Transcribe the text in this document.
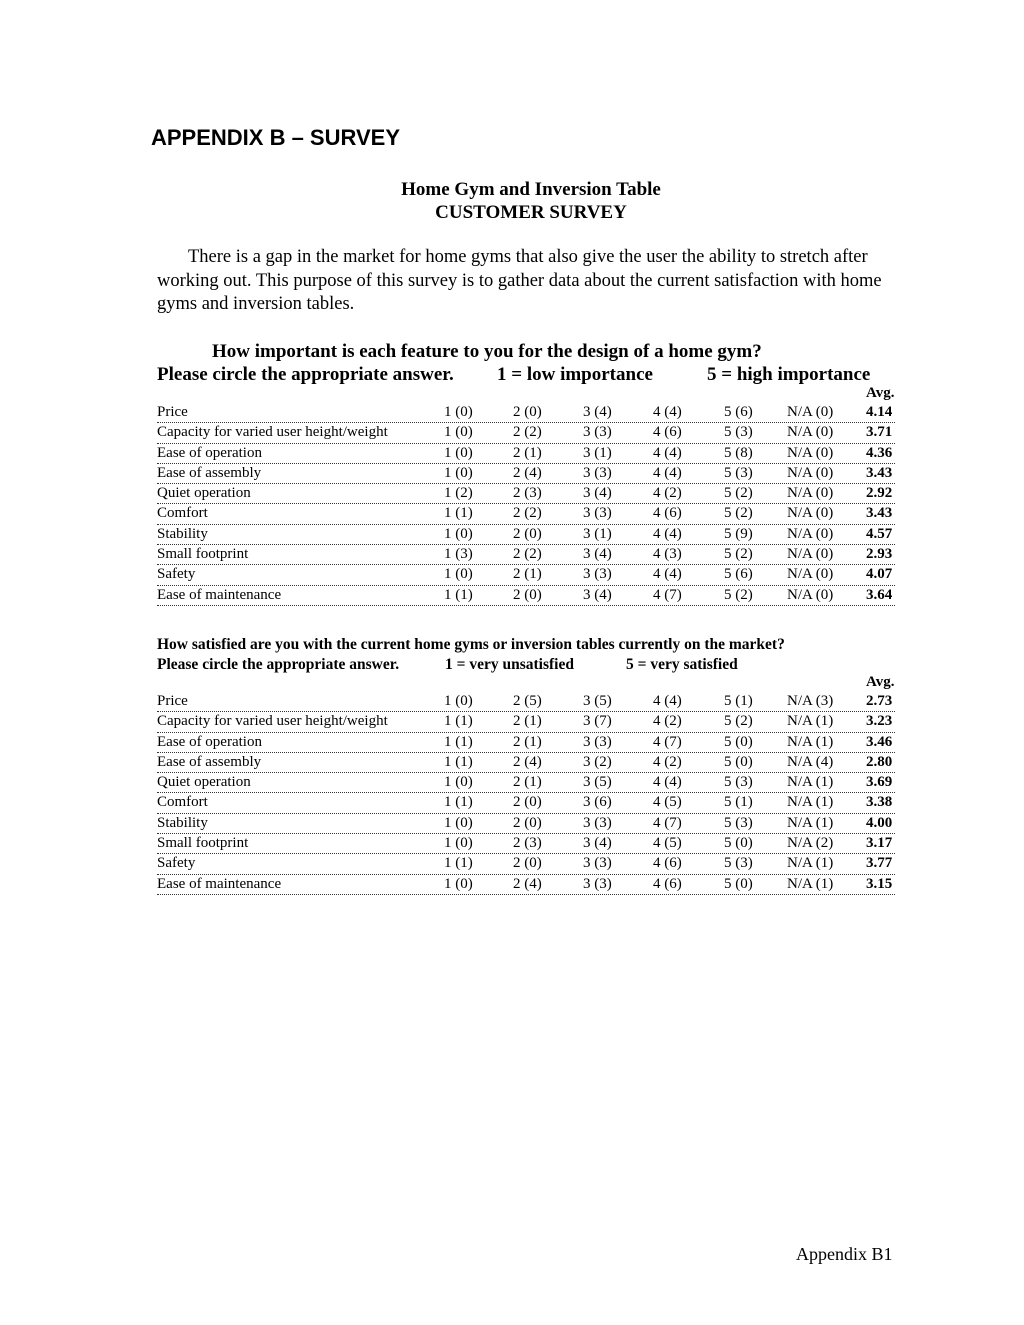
APPENDIX B – SURVEY
Home Gym and Inversion Table
CUSTOMER SURVEY

There is a gap in the market for home gyms that also give the user the ability to stretch after working out. This purpose of this survey is to gather data about the current satisfaction with home gyms and inversion tables.

How important is each feature to you for the design of a home gym?
Please circle the appropriate answer. 1 = low importance	5 = high importance
Avg.
Price	1 (0)	2 (0)	3 (4)	4 (4)	5 (6) N/A (0) 4.14
Capacity for varied user height/weight	1 (0)	2 (2)	3 (3)	4 (6)	5 (3) N/A (0) 3.71
Ease of operation	1 (0)	2 (1)	3 (1)	4 (4)	5 (8) N/A (0) 4.36
Ease of assembly	1 (0)	2 (4)	3 (3)	4 (4)	5 (3) N/A (0) 3.43
Quiet operation	1 (2)	2 (3)	3 (4)	4 (2)	5 (2) N/A (0) 2.92
Comfort	1 (1)	2 (2)	3 (3)	4 (6)	5 (2) N/A (0) 3.43
Stability	1 (0)	2 (0)	3 (1)	4 (4)	5 (9) N/A (0) 4.57
Small footprint	1 (3)	2 (2)	3 (4)	4 (3)	5 (2) N/A (0) 2.93
Safety	1 (0)	2 (1)	3 (3)	4 (4)	5 (6) N/A (0) 4.07
Ease of maintenance	1 (1)	2 (0)	3 (4)	4 (7)	5 (2) N/A (0) 3.64
How satisfied are you with the current home gyms or inversion tables currently on the market?
Please circle the appropriate answer.	1 = very unsatisfied	5 = very satisfied
Avg.
Price	1 (0)	2 (5)	3 (5)	4 (4)	5 (1) N/A (3) 2.73
Capacity for varied user height/weight	1 (1)	2 (1)	3 (7)	4 (2)	5 (2) N/A (1) 3.23
Ease of operation	1 (1)	2 (1)	3 (3)	4 (7)	5 (0) N/A (1) 3.46
Ease of assembly	1 (1)	2 (4)	3 (2)	4 (2)	5 (0) N/A (4) 2.80
Quiet operation	1 (0)	2 (1)	3 (5)	4 (4)	5 (3) N/A (1) 3.69
Comfort	1 (1)	2 (0)	3 (6)	4 (5)	5 (1) N/A (1) 3.38
Stability	1 (0)	2 (0)	3 (3)	4 (7)	5 (3) N/A (1) 4.00
Small footprint	1 (0)	2 (3)	3 (4)	4 (5)	5 (0) N/A (2) 3.17
Safety	1 (1)	2 (0)	3 (3)	4 (6)	5 (3) N/A (1) 3.77
Ease of maintenance	1 (0)	2 (4)	3 (3)	4 (6)	5 (0) N/A (1) 3.15
Appendix B1
